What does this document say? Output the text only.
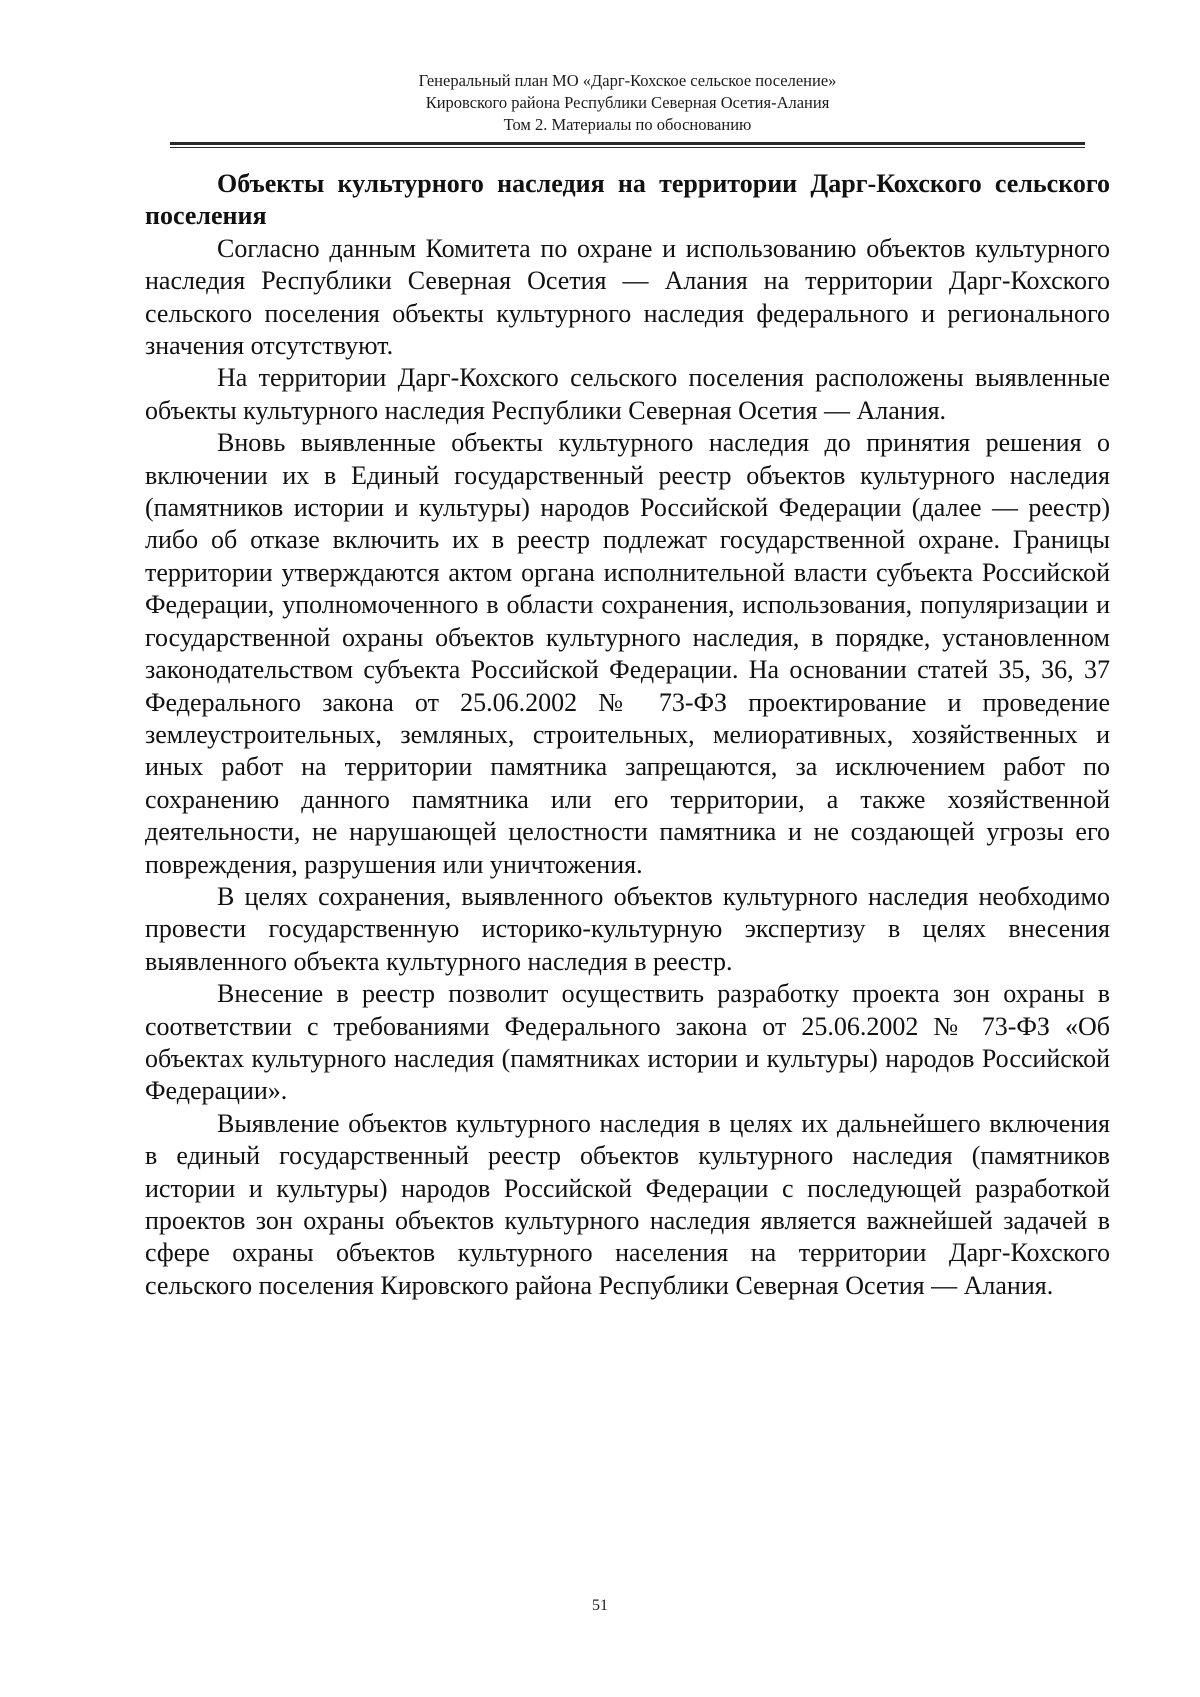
Генеральный план МО «Дарг-Кохское сельское поселение»
Кировского района Республики Северная Осетия-Алания
Том 2. Материалы по обоснованию
Объекты культурного наследия на территории Дарг-Кохского сельского поселения

Согласно данным Комитета по охране и использованию объектов культурного наследия Республики Северная Осетия — Алания на территории Дарг-Кохского сельского поселения объекты культурного наследия федерального и регионального значения отсутствуют.

На территории Дарг-Кохского сельского поселения расположены выявленные объекты культурного наследия Республики Северная Осетия — Алания.

Вновь выявленные объекты культурного наследия до принятия решения о включении их в Единый государственный реестр объектов культурного наследия (памятников истории и культуры) народов Российской Федерации (далее — реестр) либо об отказе включить их в реестр подлежат государственной охране. Границы территории утверждаются актом органа исполнительной власти субъекта Российской Федерации, уполномоченного в области сохранения, использования, популяризации и государственной охраны объектов культурного наследия, в порядке, установленном законодательством субъекта Российской Федерации. На основании статей 35, 36, 37 Федерального закона от 25.06.2002 № 73-ФЗ проектирование и проведение землеустроительных, земляных, строительных, мелиоративных, хозяйственных и иных работ на территории памятника запрещаются, за исключением работ по сохранению данного памятника или его территории, а также хозяйственной деятельности, не нарушающей целостности памятника и не создающей угрозы его повреждения, разрушения или уничтожения.

В целях сохранения, выявленного объектов культурного наследия необходимо провести государственную историко-культурную экспертизу в целях внесения выявленного объекта культурного наследия в реестр.

Внесение в реестр позволит осуществить разработку проекта зон охраны в соответствии с требованиями Федерального закона от 25.06.2002 № 73-ФЗ «Об объектах культурного наследия (памятниках истории и культуры) народов Российской Федерации».

Выявление объектов культурного наследия в целях их дальнейшего включения в единый государственный реестр объектов культурного наследия (памятников истории и культуры) народов Российской Федерации с последующей разработкой проектов зон охраны объектов культурного наследия является важнейшей задачей в сфере охраны объектов культурного населения на территории Дарг-Кохского сельского поселения Кировского района Республики Северная Осетия — Алания.

51
